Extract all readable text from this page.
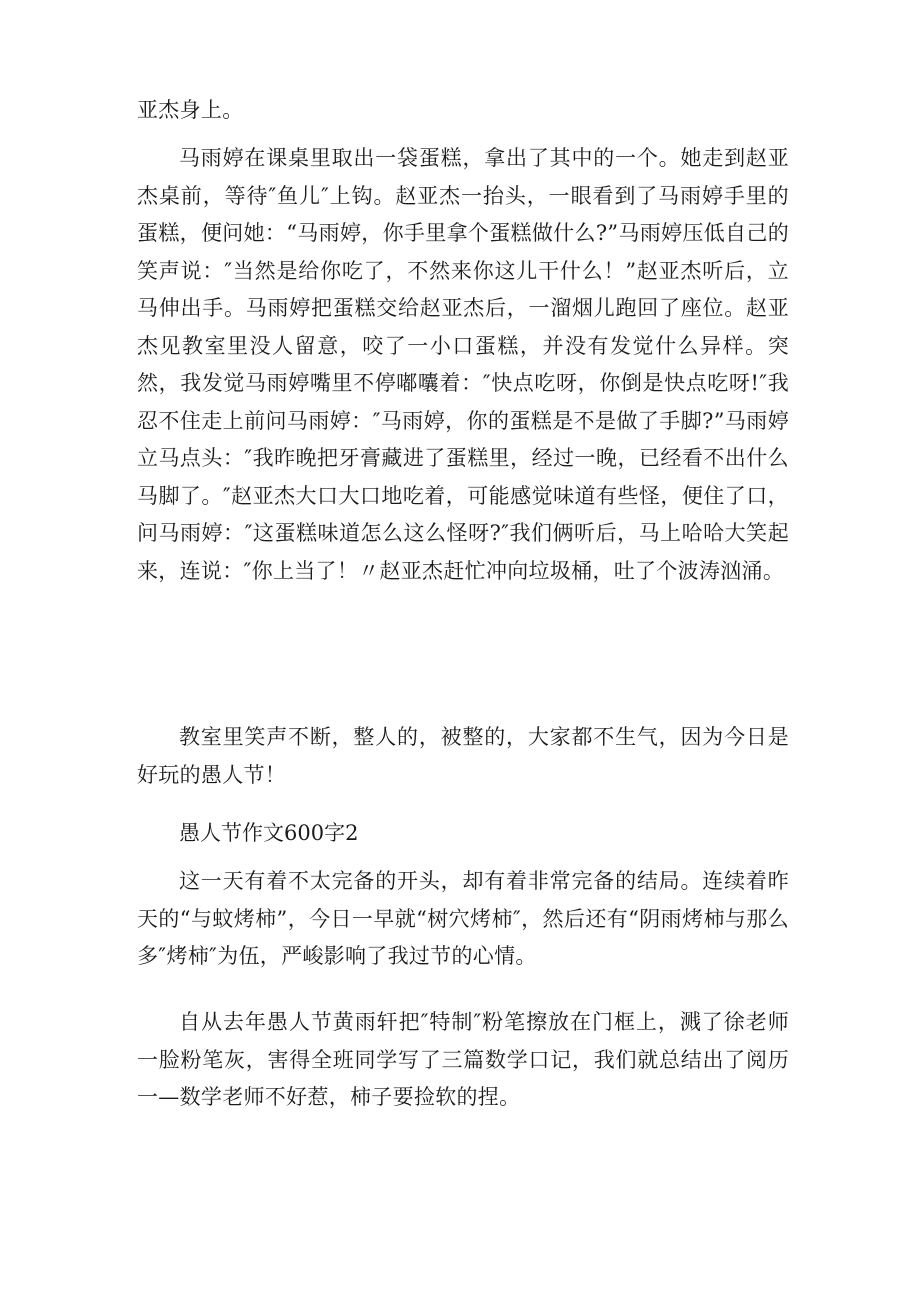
亚杰身上。

马雨婷在课桌里取出一袋蛋糕，拿出了其中的一个。她走到赵亚杰桌前，等待″鱼儿″上钩。赵亚杰一抬头，一眼看到了马雨婷手里的蛋糕，便问她：“马雨婷，你手里拿个蛋糕做什么?”马雨婷压低自己的笑声说：″当然是给你吃了，不然来你这儿干什么！”赵亚杰听后，立马伸出手。马雨婷把蛋糕交给赵亚杰后，一溜烟儿跑回了座位。赵亚杰见教室里没人留意，咬了一小口蛋糕，并没有发觉什么异样。突然，我发觉马雨婷嘴里不停嘟囔着：″快点吃呀，你倒是快点吃呀!″我忍不住走上前问马雨婷：″马雨婷，你的蛋糕是不是做了手脚?”马雨婷立马点头：″我昨晚把牙膏藏进了蛋糕里，经过一晚，已经看不出什么马脚了。″赵亚杰大口大口地吃着，可能感觉味道有些怪，便住了口，问马雨婷：″这蛋糕味道怎么这么怪呀?″我们俩听后，马上哈哈大笑起来，连说：″你上当了！〃赵亚杰赶忙冲向垃圾桶，吐了个波涛汹涌。

教室里笑声不断，整人的，被整的，大家都不生气，因为今日是好玩的愚人节！

愚人节作文600字2

这一天有着不太完备的开头，却有着非常完备的结局。连续着昨天的“与蚊烤柿”，今日一早就“树穴烤柿″，然后还有“阴雨烤柿与那么多″烤柿″为伍，严峻影响了我过节的心情。

自从去年愚人节黄雨轩把″特制″粉笔擦放在门框上，溅了徐老师一脸粉笔灰，害得全班同学写了三篇数学口记，我们就总结出了阅历一—数学老师不好惹，柿子要捡软的捏。
